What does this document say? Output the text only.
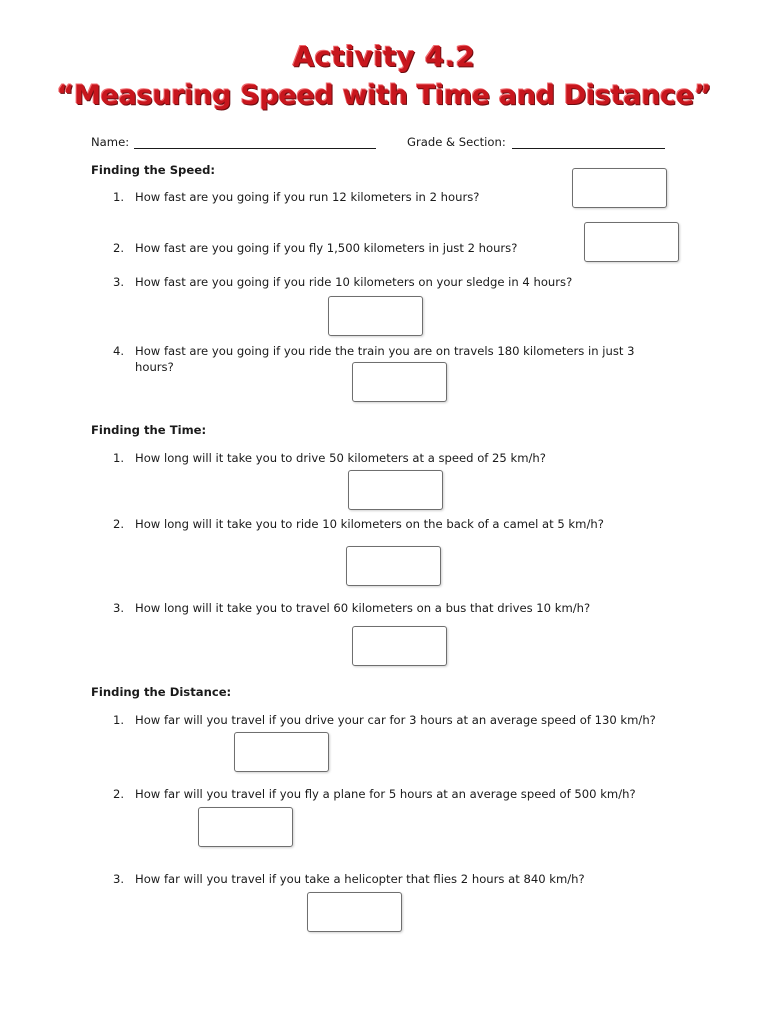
Activity 4.2
“Measuring Speed with Time and Distance”
Name:	Grade & Section:
Finding the Speed:
1. How fast are you going if you run 12 kilometers in 2 hours?
2. How fast are you going if you fly 1,500 kilometers in just 2 hours?
3. How fast are you going if you ride 10 kilometers on your sledge in 4 hours?
4. How fast are you going if you ride the train you are on travels 180 kilometers in just 3 hours?
Finding the Time:
1. How long will it take you to drive 50 kilometers at a speed of 25 km/h?
2. How long will it take you to ride 10 kilometers on the back of a camel at 5 km/h?
3. How long will it take you to travel 60 kilometers on a bus that drives 10 km/h?
Finding the Distance:
1. How far will you travel if you drive your car for 3 hours at an average speed of 130 km/h?
2. How far will you travel if you fly a plane for 5 hours at an average speed of 500 km/h?
3. How far will you travel if you take a helicopter that flies 2 hours at 840 km/h?
